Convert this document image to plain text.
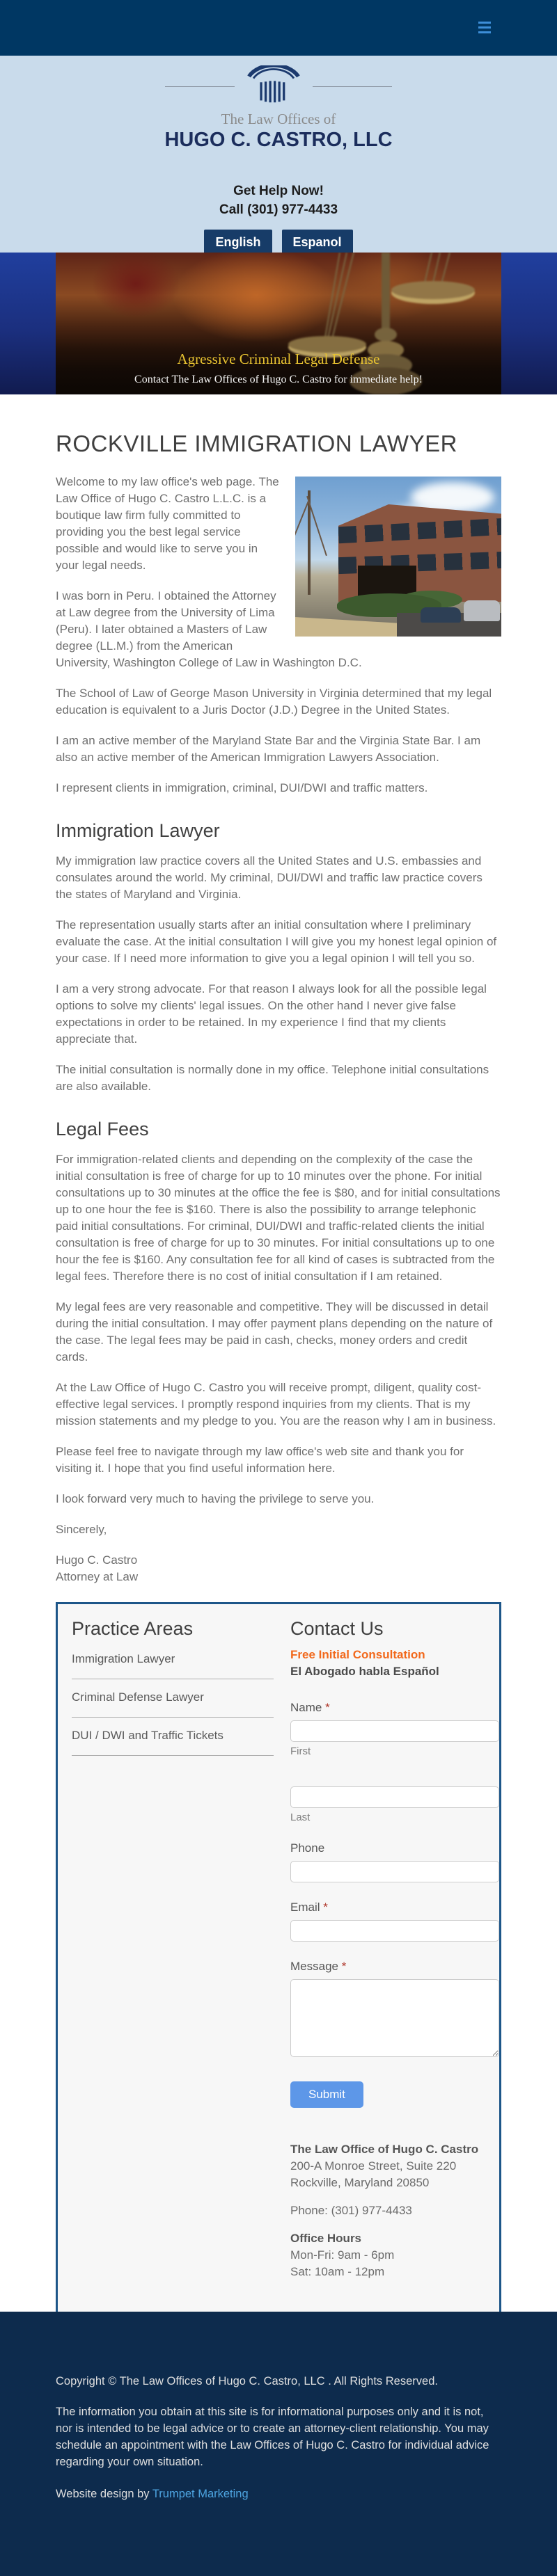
The Law Offices of
HUGO C. CASTRO, LLC
Get Help Now!
Call (301) 977-4433
English	Espanol
Agressive Criminal Legal Defense
Contact The Law Offices of Hugo C. Castro for immediate help!
ROCKVILLE IMMIGRATION LAWYER

Welcome to my law office's web page. The Law Office of Hugo C. Castro L.L.C. is a boutique law firm fully committed to providing you the best legal service possible and would like to serve you in your legal needs.

I was born in Peru. I obtained the Attorney at Law degree from the University of Lima (Peru). I later obtained a Masters of Law degree (LL.M.) from the American University, Washington College of Law in Washington D.C.

The School of Law of George Mason University in Virginia determined that my legal education is equivalent to a Juris Doctor (J.D.) Degree in the United States.

I am an active member of the Maryland State Bar and the Virginia State Bar. I am also an active member of the American Immigration Lawyers Association.

I represent clients in immigration, criminal, DUI/DWI and traffic matters.

Immigration Lawyer

My immigration law practice covers all the United States and U.S. embassies and consulates around the world. My criminal, DUI/DWI and traffic law practice covers the states of Maryland and Virginia.

The representation usually starts after an initial consultation where I preliminary evaluate the case. At the initial consultation I will give you my honest legal opinion of your case. If I need more information to give you a legal opinion I will tell you so.

I am a very strong advocate. For that reason I always look for all the possible legal options to solve my clients' legal issues. On the other hand I never give false expectations in order to be retained. In my experience I find that my clients appreciate that.

The initial consultation is normally done in my office. Telephone initial consultations are also available.

Legal Fees

For immigration-related clients and depending on the complexity of the case the initial consultation is free of charge for up to 10 minutes over the phone. For initial consultations up to 30 minutes at the office the fee is $80, and for initial consultations up to one hour the fee is $160. There is also the possibility to arrange telephonic paid initial consultations. For criminal, DUI/DWI and traffic-related clients the initial consultation is free of charge for up to 30 minutes. For initial consultations up to one hour the fee is $160. Any consultation fee for all kind of cases is subtracted from the legal fees. Therefore there is no cost of initial consultation if I am retained.

My legal fees are very reasonable and competitive. They will be discussed in detail during the initial consultation. I may offer payment plans depending on the nature of the case. The legal fees may be paid in cash, checks, money orders and credit cards.

At the Law Office of Hugo C. Castro you will receive prompt, diligent, quality cost-effective legal services. I promptly respond inquiries from my clients. That is my mission statements and my pledge to you. You are the reason why I am in business.

Please feel free to navigate through my law office's web site and thank you for visiting it. I hope that you find useful information here.

I look forward very much to having the privilege to serve you.

Sincerely,

Hugo C. Castro
Attorney at Law
Practice Areas
Immigration Lawyer
Criminal Defense Lawyer
DUI / DWI and Traffic Tickets
Contact Us
Free Initial Consultation
El Abogado habla Español
Name *
First
Last
Phone
Email *
Message *
Submit
The Law Office of Hugo C. Castro
200-A Monroe Street, Suite 220
Rockville, Maryland 20850
Phone: (301) 977-4433
Office Hours
Mon-Fri: 9am - 6pm
Sat: 10am - 12pm

Copyright © The Law Offices of Hugo C. Castro, LLC . All Rights Reserved.

The information you obtain at this site is for informational purposes only and it is not, nor is intended to be legal advice or to create an attorney-client relationship. You may schedule an appointment with the Law Offices of Hugo C. Castro for individual advice regarding your own situation.

Website design by Trumpet Marketing
